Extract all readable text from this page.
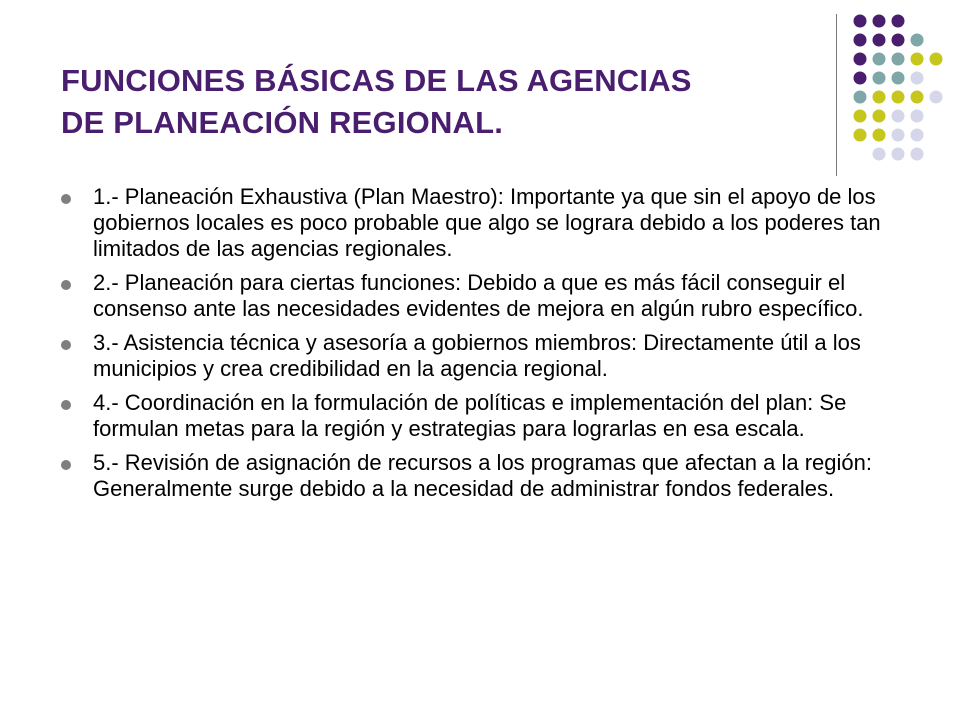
FUNCIONES BÁSICAS DE LAS AGENCIAS
DE PLANEACIÓN REGIONAL.
1.- Planeación Exhaustiva (Plan Maestro): Importante ya que sin el apoyo de los gobiernos locales es poco probable que algo se lograra debido a los poderes tan limitados de las agencias regionales.
2.- Planeación para ciertas funciones: Debido a que es más fácil conseguir el consenso ante las necesidades evidentes de mejora en algún rubro específico.
3.- Asistencia técnica y asesoría a gobiernos miembros: Directamente útil a los municipios y crea credibilidad en la agencia regional.
4.- Coordinación en la formulación de políticas e implementación del plan: Se formulan metas para la región y estrategias para lograrlas en esa escala.
5.- Revisión de asignación de recursos a los programas que afectan a la región: Generalmente surge debido a la necesidad de administrar fondos federales.
